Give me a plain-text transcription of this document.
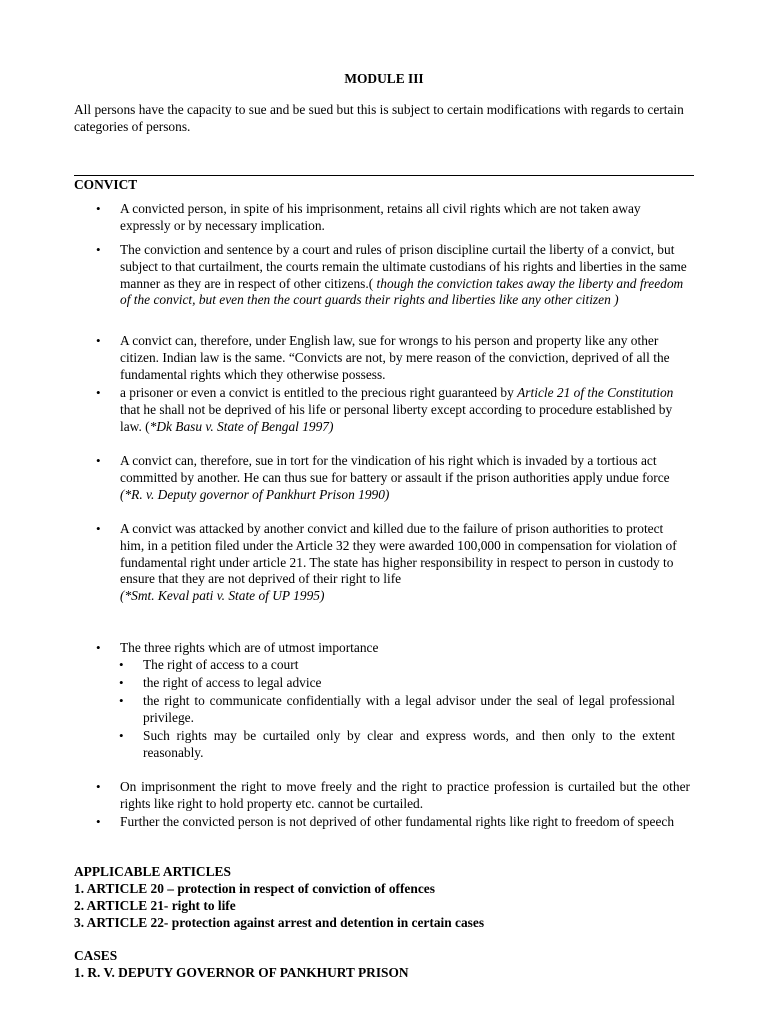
MODULE III
All persons have the capacity to sue and be sued but this is subject to certain modifications with regards to certain categories of persons.
CONVICT
• A convicted person, in spite of his imprisonment, retains all civil rights which are not taken away expressly or by necessary implication.
• The conviction and sentence by a court and rules of prison discipline curtail the liberty of a convict, but subject to that curtailment, the courts remain the ultimate custodians of his rights and liberties in the same manner as they are in respect of other citizens.( though the conviction takes away the liberty and freedom of the convict, but even then the court guards their rights and liberties like any other citizen )
• A convict can, therefore, under English law, sue for wrongs to his person and property like any other citizen. Indian law is the same. “Convicts are not, by mere reason of the conviction, deprived of all the fundamental rights which they otherwise possess.
• a prisoner or even a convict is entitled to the precious right guaranteed by Article 21 of the Constitution that he shall not be deprived of his life or personal liberty except according to procedure established by law. (*Dk Basu v. State of Bengal 1997)
• A convict can, therefore, sue in tort for the vindication of his right which is invaded by a tortious act committed by another. He can thus sue for battery or assault if the prison authorities apply undue force (*R. v. Deputy governor of Pankhurt Prison 1990)
• A convict was attacked by another convict and killed due to the failure of prison authorities to protect him, in a petition filed under the Article 32 they were awarded 100,000 in compensation for violation of fundamental right under article 21. The state has higher responsibility in respect to person in custody to ensure that they are not deprived of their right to life
(*Smt. Keval pati v. State of UP 1995)
• The three rights which are of utmost importance
• The right of access to a court
• the right of access to legal advice
• the right to communicate confidentially with a legal advisor under the seal of legal professional privilege.
• Such rights may be curtailed only by clear and express words, and then only to the extent reasonably.
• On imprisonment the right to move freely and the right to practice profession is curtailed but the other rights like right to hold property etc. cannot be curtailed.
• Further the convicted person is not deprived of other fundamental rights like right to freedom of speech
APPLICABLE ARTICLES
1. ARTICLE 20 – protection in respect of conviction of offences
2. ARTICLE 21- right to life
3. ARTICLE 22- protection against arrest and detention in certain cases
CASES
1. R. V. DEPUTY GOVERNOR OF PANKHURT PRISON
